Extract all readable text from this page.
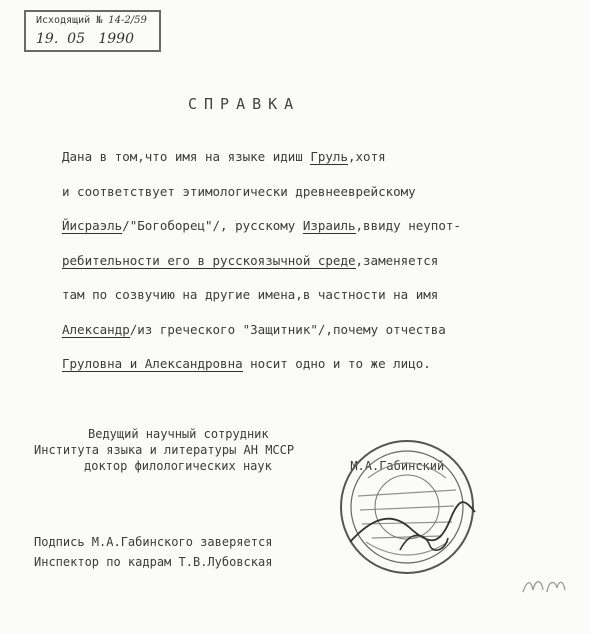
Исходящий № 14-2/59
19. 05 1990
СПРАВКА
Дана в том,что имя на языке идиш Груль,хотя
и соответствует этимологически древнееврейскому
Йисраэль/"Богоборец"/, русскому Израиль,ввиду неупот-
ребительности его в русскоязычной среде,заменяется
там по созвучию на другие имена,в частности на имя
Александр/из греческого "Защитник"/,почему отчества
Груловна и Александровна носит одно и то же лицо.
Ведущий научный сотрудник
Института языка и литературы АН МССР
доктор филологических наук	М.А.Габинский
Подпись М.А.Габинского заверяется
Инспектор по кадрам Т.В.Лубовская
